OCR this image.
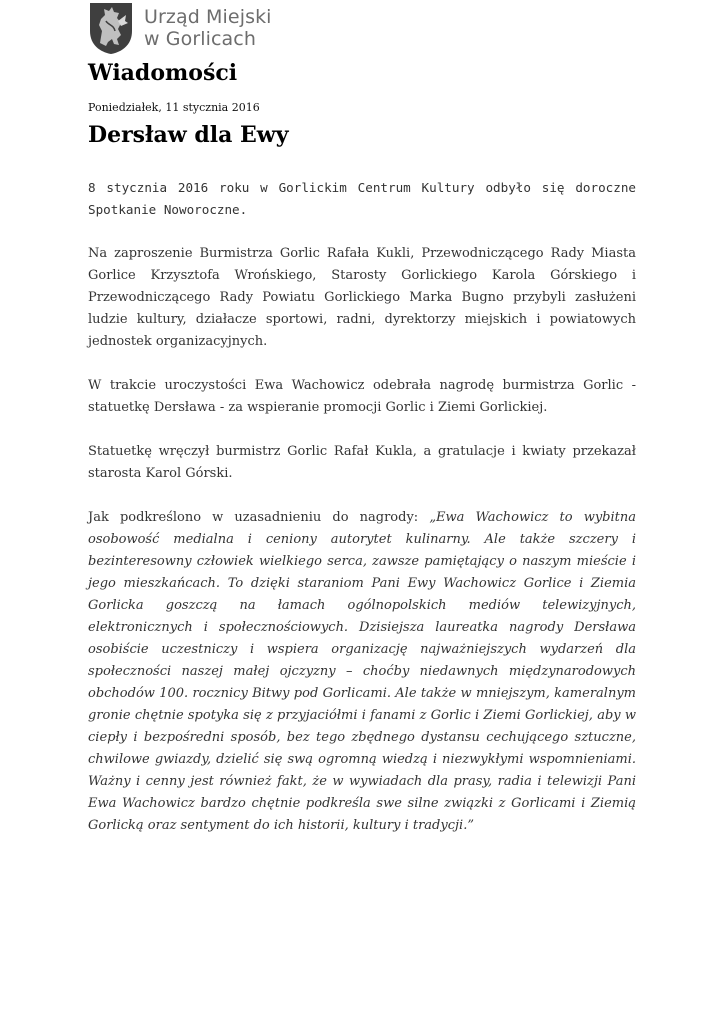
Urząd Miejski
w Gorlicach
Wiadomości

Poniedziałek, 11 stycznia 2016

Dersław dla Ewy

8 stycznia 2016 roku w Gorlickim Centrum Kultury odbyło się doroczne Spotkanie Noworoczne.

Na zaproszenie Burmistrza Gorlic Rafała Kukli, Przewodniczącego Rady Miasta Gorlice Krzysztofa Wrońskiego, Starosty Gorlickiego Karola Górskiego i Przewodniczącego Rady Powiatu Gorlickiego Marka Bugno przybyli zasłużeni ludzie kultury, działacze sportowi, radni, dyrektorzy miejskich i powiatowych jednostek organizacyjnych.

W trakcie uroczystości Ewa Wachowicz odebrała nagrodę burmistrza Gorlic - statuetkę Dersława - za wspieranie promocji Gorlic i Ziemi Gorlickiej.

Statuetkę wręczył burmistrz Gorlic Rafał Kukla, a gratulacje i kwiaty przekazał starosta Karol Górski.

Jak podkreślono w uzasadnieniu do nagrody: „Ewa Wachowicz to wybitna osobowość medialna i ceniony autorytet kulinarny. Ale także szczery i bezinteresowny człowiek wielkiego serca, zawsze pamiętający o naszym mieście i jego mieszkańcach. To dzięki staraniom Pani Ewy Wachowicz Gorlice i Ziemia Gorlicka goszczą na łamach ogólnopolskich mediów telewizyjnych, elektronicznych i społecznościowych. Dzisiejsza laureatka nagrody Dersława osobiście uczestniczy i wspiera organizację najważniejszych wydarzeń dla społeczności naszej małej ojczyzny – choćby niedawnych międzynarodowych obchodów 100. rocznicy Bitwy pod Gorlicami. Ale także w mniejszym, kameralnym gronie chętnie spotyka się z przyjaciółmi i fanami z Gorlic i Ziemi Gorlickiej, aby w ciepły i bezpośredni sposób, bez tego zbędnego dystansu cechującego sztuczne, chwilowe gwiazdy, dzielić się swą ogromną wiedzą i niezwykłymi wspomnieniami. Ważny i cenny jest również fakt, że w wywiadach dla prasy, radia i telewizji Pani Ewa Wachowicz bardzo chętnie podkreśla swe silne związki z Gorlicami i Ziemią Gorlicką oraz sentyment do ich historii, kultury i tradycji.”
